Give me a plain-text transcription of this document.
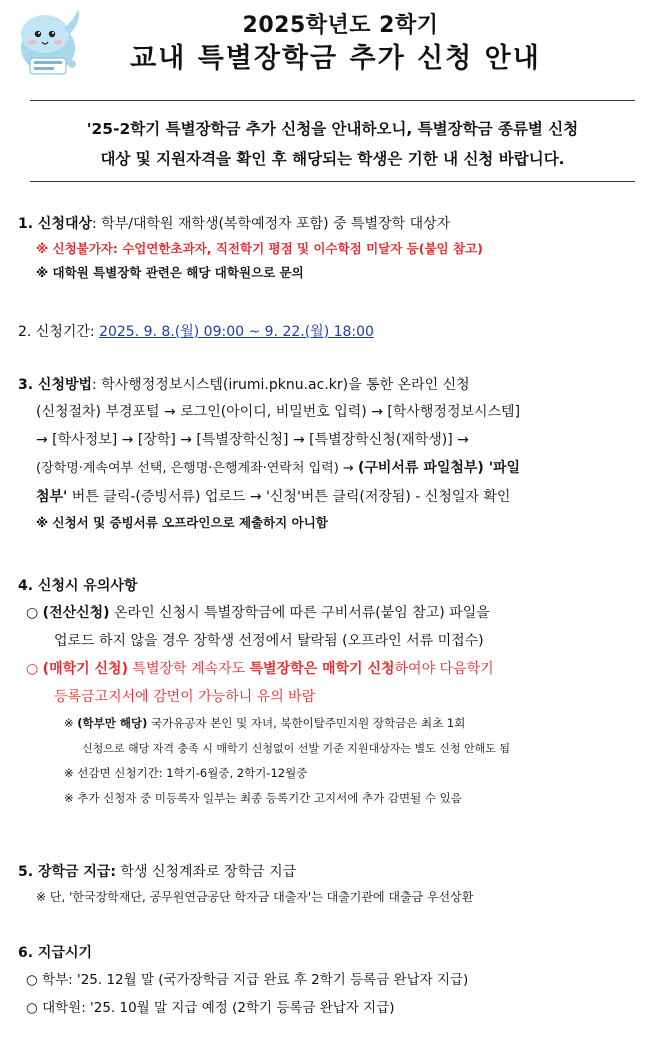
2025학년도 2학기
교내 특별장학금 추가 신청 안내
'25-2학기 특별장학금 추가 신청을 안내하오니, 특별장학금 종류별 신청
대상 및 지원자격을 확인 후 해당되는 학생은 기한 내 신청 바랍니다.
1. 신청대상: 학부/대학원 재학생(복학예정자 포함) 중 특별장학 대상자
※ 신청불가자: 수업연한초과자, 직전학기 평점 및 이수학점 미달자 등(붙임 참고)
※ 대학원 특별장학 관련은 해당 대학원으로 문의
2. 신청기간: 2025. 9. 8.(월) 09:00 ~ 9. 22.(월) 18:00
3. 신청방법: 학사행정정보시스템(irumi.pknu.ac.kr)을 통한 온라인 신청
(신청절차) 부경포털 → 로그인(아이디, 비밀번호 입력) → [학사행정정보시스템]
→ [학사정보] → [장학] → [특별장학신청] → [특별장학신청(재학생)] →
(장학명·계속여부 선택, 은행명·은행계좌·연락처 입력) → (구비서류 파일첨부) '파일
첨부' 버튼 클릭-(증빙서류) 업로드 → '신청'버튼 클릭(저장됨) - 신청일자 확인
※ 신청서 및 증빙서류 오프라인으로 제출하지 아니함
4. 신청시 유의사항
○ (전산신청) 온라인 신청시 특별장학금에 따른 구비서류(붙임 참고) 파일을
업로드 하지 않을 경우 장학생 선정에서 탈락됨 (오프라인 서류 미접수)
○ (매학기 신청) 특별장학 계속자도 특별장학은 매학기 신청하여야 다음학기
등록금고지서에 감면이 가능하니 유의 바람
※ (학부만 해당) 국가유공자 본인 및 자녀, 북한이탈주민지원 장학금은 최초 1회
신청으로 해당 자격 충족 시 매학기 신청없이 선발 기준 지원대상자는 별도 신청 안해도 됨
※ 선감면 신청기간: 1학기-6월중, 2학기-12월중
※ 추가 신청자 중 미등록자 일부는 최종 등록기간 고지서에 추가 감면될 수 있음
5. 장학금 지급: 학생 신청계좌로 장학금 지급
※ 단, '한국장학재단, 공무원연금공단 학자금 대출자'는 대출기관에 대출금 우선상환
6. 지급시기
○ 학부: '25. 12월 말 (국가장학금 지급 완료 후 2학기 등록금 완납자 지급)
○ 대학원: '25. 10월 말 지급 예정 (2학기 등록금 완납자 지급)
